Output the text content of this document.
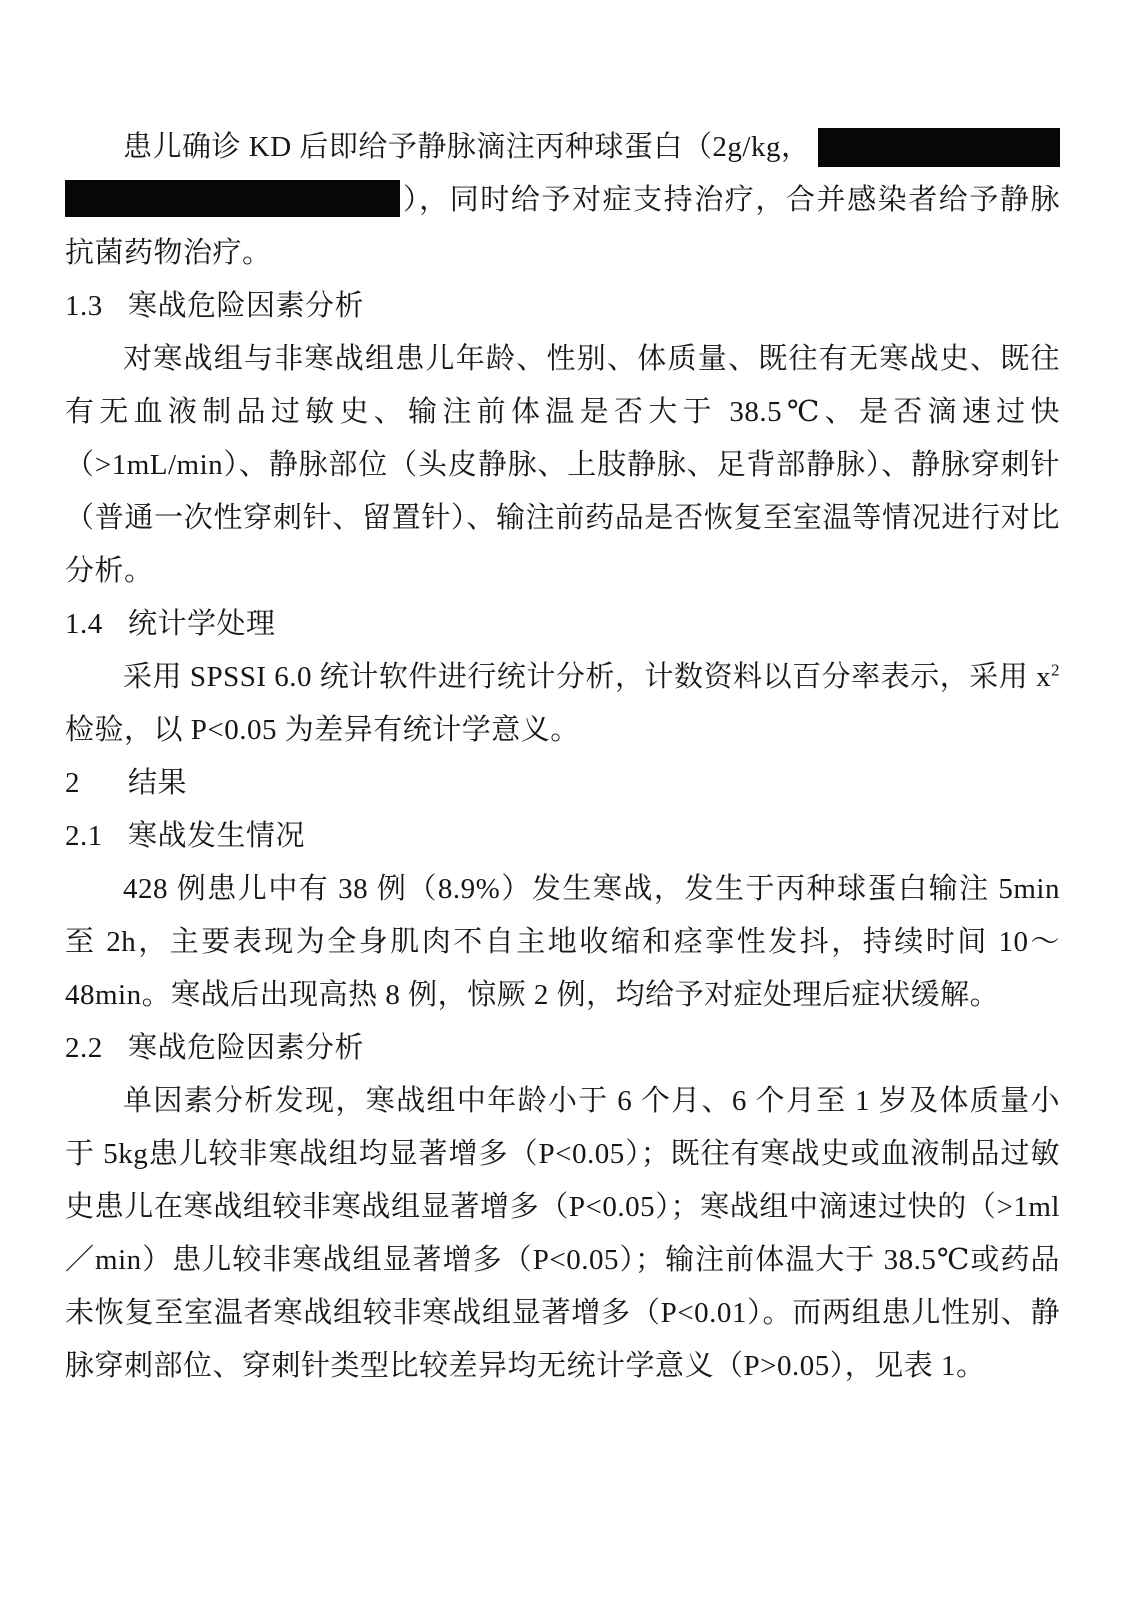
患儿确诊 KD 后即给予静脉滴注丙种球蛋白（2g/kg，

），同时给予对症支持治疗，合并感染者给予静脉抗菌药物治疗。

1.3 寒战危险因素分析

对寒战组与非寒战组患儿年龄、性别、体质量、既往有无寒战史、既往有无血液制品过敏史、输注前体温是否大于 38.5℃、是否滴速过快（>1mL/min）、静脉部位（头皮静脉、上肢静脉、足背部静脉）、静脉穿刺针（普通一次性穿刺针、留置针）、输注前药品是否恢复至室温等情况进行对比分析。

1.4 统计学处理

采用 SPSSI 6.0 统计软件进行统计分析，计数资料以百分率表示，采用 $x^2$检验，以 P<0.05 为差异有统计学意义。

2 结果

2.1 寒战发生情况

428 例患儿中有 38 例（8.9%）发生寒战，发生于丙种球蛋白输注 5min 至 2h，主要表现为全身肌肉不自主地收缩和痉挛性发抖，持续时间 10～48min。寒战后出现高热 8 例，惊厥 2 例，均给予对症处理后症状缓解。

2.2 寒战危险因素分析

单因素分析发现，寒战组中年龄小于 6 个月、6 个月至 1 岁及体质量小于 5kg患儿较非寒战组均显著增多（P<0.05）；既往有寒战史或血液制品过敏史患儿在寒战组较非寒战组显著增多（P<0.05）；寒战组中滴速过快的（>1ml／min）患儿较非寒战组显著增多（P<0.05）；输注前体温大于 38.5℃或药品未恢复至室温者寒战组较非寒战组显著增多（P<0.01）。而两组患儿性别、静脉穿刺部位、穿刺针类型比较差异均无统计学意义（P>0.05），见表 1。
